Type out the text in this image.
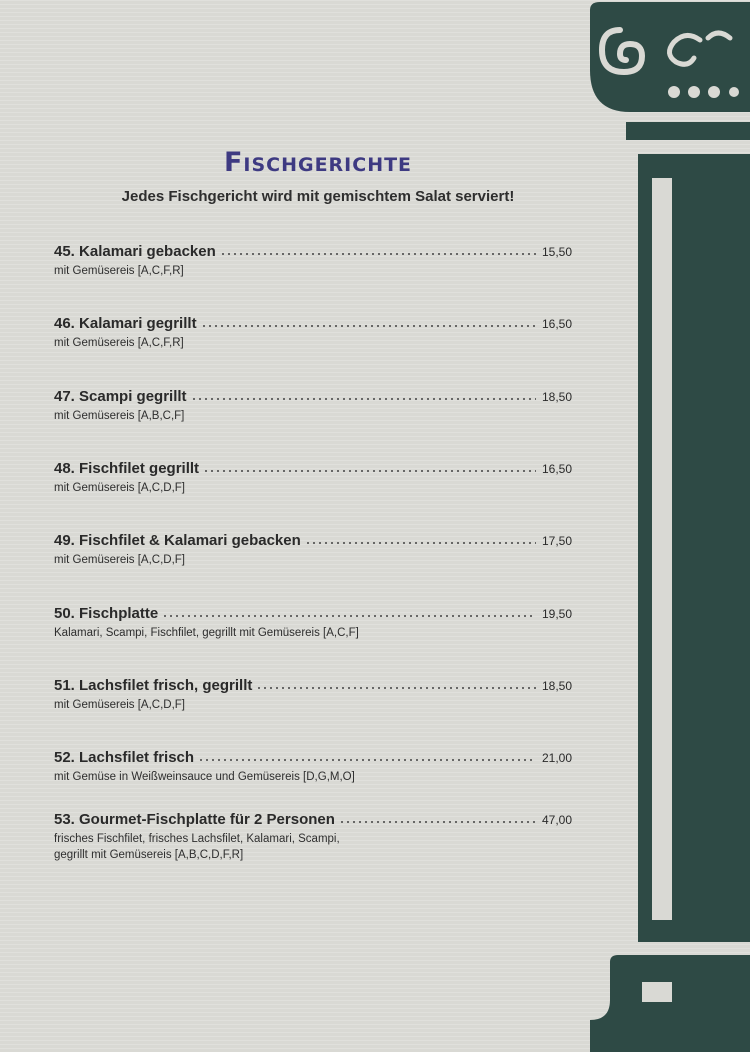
Fischgerichte

Jedes Fischgericht wird mit gemischtem Salat serviert!

45. Kalamari gebacken	15,50
mit Gemüsereis [A,C,F,R]
46. Kalamari gegrillt	16,50
mit Gemüsereis [A,C,F,R]
47. Scampi gegrillt	18,50
mit Gemüsereis [A,B,C,F]
48. Fischfilet gegrillt	16,50
mit Gemüsereis [A,C,D,F]
49. Fischfilet & Kalamari gebacken	17,50
mit Gemüsereis [A,C,D,F]
50. Fischplatte	19,50
Kalamari, Scampi, Fischfilet, gegrillt mit Gemüsereis [A,C,F]
51. Lachsfilet frisch, gegrillt	18,50
mit Gemüsereis [A,C,D,F]
52. Lachsfilet frisch	21,00
mit Gemüse in Weißweinsauce und Gemüsereis [D,G,M,O]
53. Gourmet-Fischplatte für 2 Personen	47,00
frisches Fischfilet, frisches Lachsfilet, Kalamari, Scampi,
gegrillt mit Gemüsereis [A,B,C,D,F,R]
